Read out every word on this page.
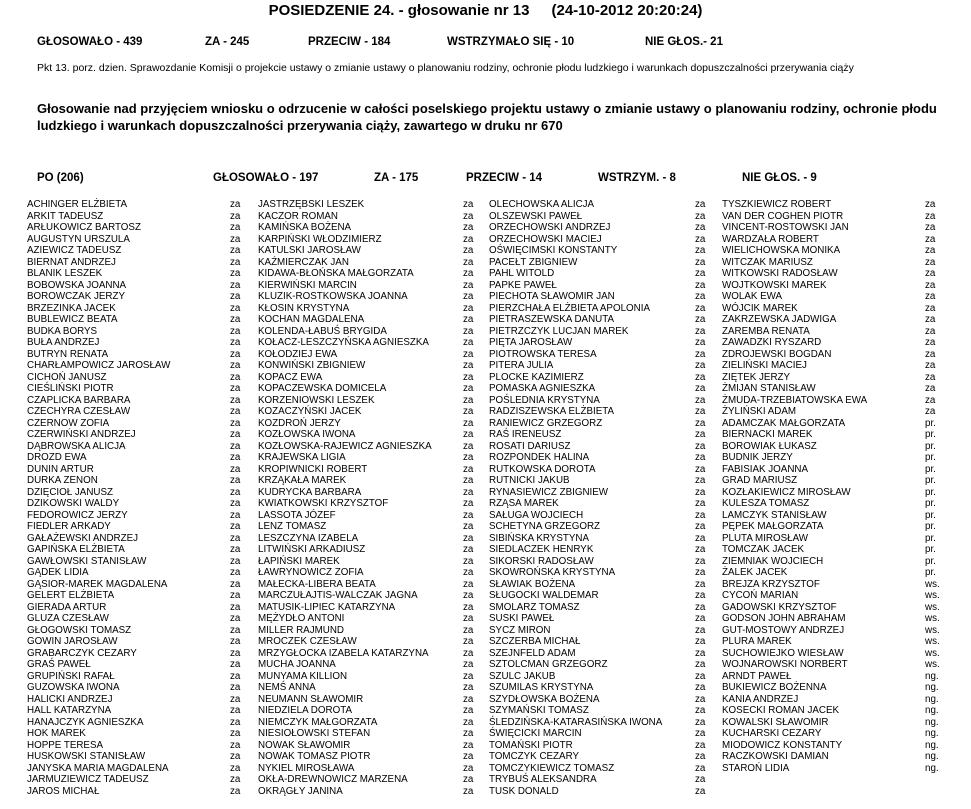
POSIEDZENIE 24. - głosowanie nr 13 (24-10-2012 20:20:24)
GŁOSOWAŁO - 439	ZA - 245	PRZECIW - 184	WSTRZYMAŁO SIĘ - 10	NIE GŁOS.- 21
Pkt 13. porz. dzien. Sprawozdanie Komisji o projekcie ustawy o zmianie ustawy o planowaniu rodziny, ochronie płodu ludzkiego i warunkach dopuszczalności przerywania ciąży
Głosowanie nad przyjęciem wniosku o odrzucenie w całości poselskiego projektu ustawy o zmianie ustawy o planowaniu rodziny, ochronie płodu ludzkiego i warunkach dopuszczalności przerywania ciąży, zawartego w druku nr 670
PO (206)	GŁOSOWAŁO - 197	ZA - 175	PRZECIW - 14	WSTRZYM. - 8	NIE GŁOS. - 9
ACHINGER ELŻBIETA	za
ARKIT TADEUSZ	za
ARŁUKOWICZ BARTOSZ	za
AUGUSTYN URSZULA	za
AZIEWICZ TADEUSZ	za
BIERNAT ANDRZEJ	za
BLANIK LESZEK	za
BOBOWSKA JOANNA	za
BOROWCZAK JERZY	za
BRZEZINKA JACEK	za
BUBLEWICZ BEATA	za
BUDKA BORYS	za
BUŁA ANDRZEJ	za
BUTRYN RENATA	za
CHARŁAMPOWICZ JAROSŁAW	za
CICHOŃ JANUSZ	za
CIEŚLIŃSKI PIOTR	za
CZAPLICKA BARBARA	za
CZECHYRA CZESŁAW	za
CZERNOW ZOFIA	za
CZERWIŃSKI ANDRZEJ	za
DĄBROWSKA ALICJA	za
DROZD EWA	za
DUNIN ARTUR	za
DURKA ZENON	za
DZIĘCIOŁ JANUSZ	za
DZIKOWSKI WALDY	za
FEDOROWICZ JERZY	za
FIEDLER ARKADY	za
GAŁAŻEWSKI ANDRZEJ	za
GAPIŃSKA ELŻBIETA	za
GAWŁOWSKI STANISŁAW	za
GĄDEK LIDIA	za
GĄSIOR-MAREK MAGDALENA	za
GELERT ELŻBIETA	za
GIERADA ARTUR	za
GLUZA CZESŁAW	za
GŁOGOWSKI TOMASZ	za
GOWIN JAROSŁAW	za
GRABARCZYK CEZARY	za
GRAŚ PAWEŁ	za
GRUPIŃSKI RAFAŁ	za
GUZOWSKA IWONA	za
HALICKI ANDRZEJ	za
HALL KATARZYNA	za
HANAJCZYK AGNIESZKA	za
HOK MAREK	za
HOPPE TERESA	za
HUSKOWSKI STANISŁAW	za
JANYSKA MARIA MAGDALENA	za
JARMUZIEWICZ TADEUSZ	za
JAROS MICHAŁ	za
JASTRZĘBSKI LESZEK	za
KACZOR ROMAN	za
KAMIŃSKA BOŻENA	za
KARPIŃSKI WŁODZIMIERZ	za
KATULSKI JAROSŁAW	za
KAŹMIERCZAK JAN	za
KIDAWA-BŁOŃSKA MAŁGORZATA	za
KIERWIŃSKI MARCIN	za
KLUZIK-ROSTKOWSKA JOANNA	za
KŁOSIN KRYSTYNA	za
KOCHAN MAGDALENA	za
KOLENDA-ŁABUŚ BRYGIDA	za
KOŁACZ-LESZCZYŃSKA AGNIESZKA	za
KOŁODZIEJ EWA	za
KONWIŃSKI ZBIGNIEW	za
KOPACZ EWA	za
KOPACZEWSKA DOMICELA	za
KORZENIOWSKI LESZEK	za
KOZACZYŃSKI JACEK	za
KOZDROŃ JERZY	za
KOZŁOWSKA IWONA	za
KOZŁOWSKA-RAJEWICZ AGNIESZKA	za
KRAJEWSKA LIGIA	za
KROPIWNICKI ROBERT	za
KRZĄKAŁA MAREK	za
KUDRYCKA BARBARA	za
KWIATKOWSKI KRZYSZTOF	za
LASSOTA JÓZEF	za
LENZ TOMASZ	za
LESZCZYNA IZABELA	za
LITWIŃSKI ARKADIUSZ	za
ŁAPIŃSKI MAREK	za
ŁAWRYNOWICZ ZOFIA	za
MAŁECKA-LIBERA BEATA	za
MARCZUŁAJTIS-WALCZAK JAGNA	za
MATUSIK-LIPIEC KATARZYNA	za
MĘŻYDŁO ANTONI	za
MILLER RAJMUND	za
MROCZEK CZESŁAW	za
MRZYGŁOCKA IZABELA KATARZYNA	za
MUCHA JOANNA	za
MUNYAMA KILLION	za
NEMŚ ANNA	za
NEUMANN SŁAWOMIR	za
NIEDZIELA DOROTA	za
NIEMCZYK MAŁGORZATA	za
NIESIOŁOWSKI STEFAN	za
NOWAK SŁAWOMIR	za
NOWAK TOMASZ PIOTR	za
NYKIEL MIROSŁAWA	za
OKŁA-DREWNOWICZ MARZENA	za
OKRĄGŁY JANINA	za
OLECHOWSKA ALICJA	za
OLSZEWSKI PAWEŁ	za
ORZECHOWSKI ANDRZEJ	za
ORZECHOWSKI MACIEJ	za
OŚWIĘCIMSKI KONSTANTY	za
PACEŁT ZBIGNIEW	za
PAHL WITOLD	za
PAPKE PAWEŁ	za
PIECHOTA SŁAWOMIR JAN	za
PIERZCHAŁA ELŻBIETA APOLONIA	za
PIETRASZEWSKA DANUTA	za
PIETRZCZYK LUCJAN MAREK	za
PIĘTA JAROSŁAW	za
PIOTROWSKA TERESA	za
PITERA JULIA	za
PLOCKE KAZIMIERZ	za
POMASKA AGNIESZKA	za
POŚLEDNIA KRYSTYNA	za
RADZISZEWSKA ELŻBIETA	za
RANIEWICZ GRZEGORZ	za
RAŚ IRENEUSZ	za
ROSATI DARIUSZ	za
ROZPONDEK HALINA	za
RUTKOWSKA DOROTA	za
RUTNICKI JAKUB	za
RYNASIEWICZ ZBIGNIEW	za
RZĄSA MAREK	za
SAŁUGA WOJCIECH	za
SCHETYNA GRZEGORZ	za
SIBIŃSKA KRYSTYNA	za
SIEDLACZEK HENRYK	za
SIKORSKI RADOSŁAW	za
SKOWROŃSKA KRYSTYNA	za
SŁAWIAK BOŻENA	za
SŁUGOCKI WALDEMAR	za
SMOLARZ TOMASZ	za
SUSKI PAWEŁ	za
SYCZ MIRON	za
SZCZERBA MICHAŁ	za
SZEJNFELD ADAM	za
SZTOLCMAN GRZEGORZ	za
SZULC JAKUB	za
SZUMILAS KRYSTYNA	za
SZYDŁOWSKA BOŻENA	za
SZYMAŃSKI TOMASZ	za
ŚLEDZIŃSKA-KATARASIŃSKA IWONA	za
ŚWIĘCICKI MARCIN	za
TOMAŃSKI PIOTR	za
TOMCZYK CEZARY	za
TOMCZYKIEWICZ TOMASZ	za
TRYBUŚ ALEKSANDRA	za
TUSK DONALD	za
TYSZKIEWICZ ROBERT	za
VAN DER COGHEN PIOTR	za
VINCENT-ROSTOWSKI JAN	za
WARDZAŁA ROBERT	za
WIELICHOWSKA MONIKA	za
WITCZAK MARIUSZ	za
WITKOWSKI RADOSŁAW	za
WOJTKOWSKI MAREK	za
WOLAK EWA	za
WÓJCIK MAREK	za
ZAKRZEWSKA JADWIGA	za
ZAREMBA RENATA	za
ZAWADZKI RYSZARD	za
ZDROJEWSKI BOGDAN	za
ZIELIŃSKI MACIEJ	za
ZIĘTEK JERZY	za
ŻMIJAN STANISŁAW	za
ŻMUDA-TRZEBIATOWSKA EWA	za
ŻYLIŃSKI ADAM	za
ADAMCZAK MAŁGORZATA	pr.
BIERNACKI MAREK	pr.
BOROWIAK ŁUKASZ	pr.
BUDNIK JERZY	pr.
FABISIAK JOANNA	pr.
GRAD MARIUSZ	pr.
KOZŁAKIEWICZ MIROSŁAW	pr.
KULESZA TOMASZ	pr.
LAMCZYK STANISŁAW	pr.
PĘPEK MAŁGORZATA	pr.
PLUTA MIROSŁAW	pr.
TOMCZAK JACEK	pr.
ZIEMNIAK WOJCIECH	pr.
ŻALEK JACEK	pr.
BREJZA KRZYSZTOF	ws.
CYCOŃ MARIAN	ws.
GADOWSKI KRZYSZTOF	ws.
GODSON JOHN ABRAHAM	ws.
GUT-MOSTOWY ANDRZEJ	ws.
PLURA MAREK	ws.
SUCHOWIEJKO WIESŁAW	ws.
WOJNAROWSKI NORBERT	ws.
ARNDT PAWEŁ	ng.
BUKIEWICZ BOŻENNA	ng.
KANIA ANDRZEJ	ng.
KOSECKI ROMAN JACEK	ng.
KOWALSKI SŁAWOMIR	ng.
KUCHARSKI CEZARY	ng.
MIODOWICZ KONSTANTY	ng.
RACZKOWSKI DAMIAN	ng.
STAROŃ LIDIA	ng.
